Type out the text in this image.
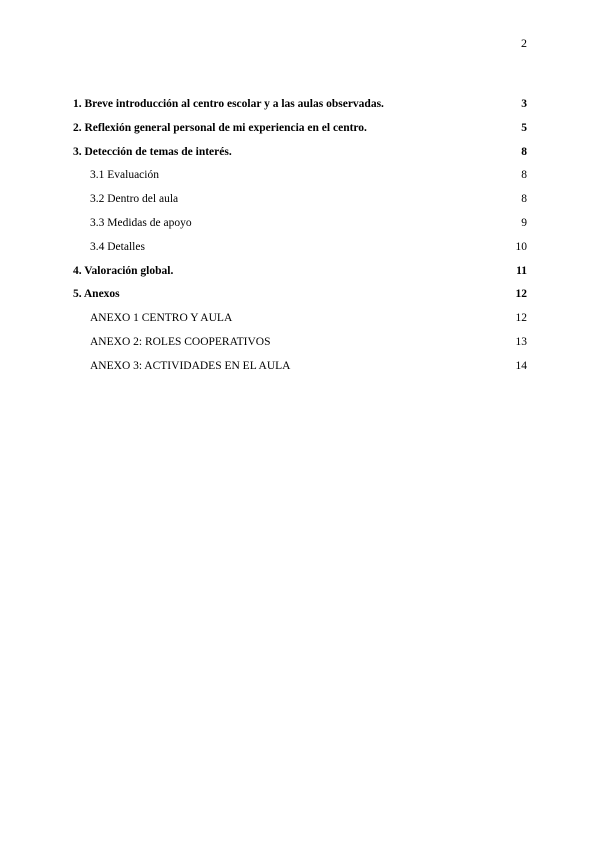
2
1. Breve introducción al centro escolar y a las aulas observadas.	3
2. Reflexión general personal de mi experiencia en el centro.	5
3. Detección de temas de interés.	8
3.1 Evaluación	8
3.2 Dentro del aula	8
3.3 Medidas de apoyo	9
3.4 Detalles	10
4. Valoración global.	11
5. Anexos	12
ANEXO 1 CENTRO Y AULA	12
ANEXO 2: ROLES COOPERATIVOS	13
ANEXO 3: ACTIVIDADES EN EL AULA	14
